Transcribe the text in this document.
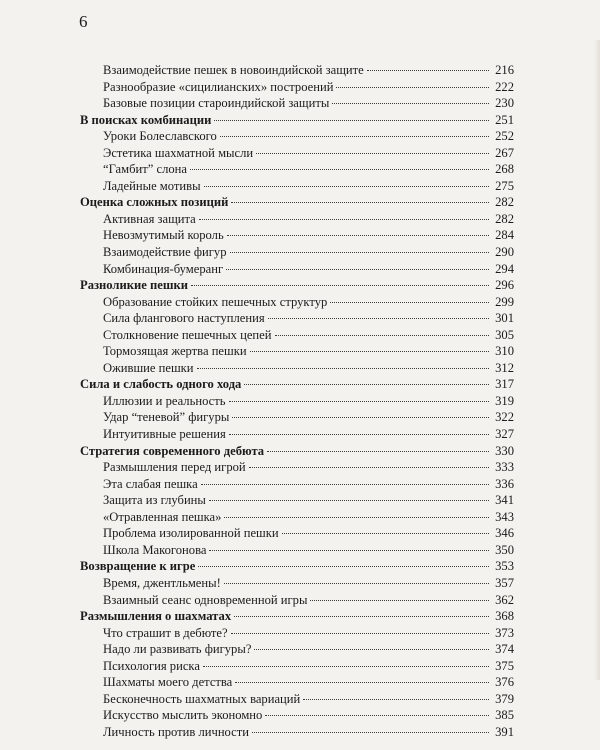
6
Взаимодействие пешек в новоиндийской защите	216
Разнообразие «сицилианских» построений	222
Базовые позиции староиндийской защиты	230
В поисках комбинации	251
Уроки Болеславского	252
Эстетика шахматной мысли	267
“Гамбит” слона	268
Ладейные мотивы	275
Оценка сложных позиций	282
Активная защита	282
Невозмутимый король	284
Взаимодействие фигур	290
Комбинация-бумеранг	294
Разноликие пешки	296
Образование стойких пешечных структур	299
Сила флангового наступления	301
Столкновение пешечных цепей	305
Тормозящая жертва пешки	310
Ожившие пешки	312
Сила и слабость одного хода	317
Иллюзии и реальность	319
Удар “теневой” фигуры	322
Интуитивные решения	327
Стратегия современного дебюта	330
Размышления перед игрой	333
Эта слабая пешка	336
Защита из глубины	341
«Отравленная пешка»	343
Проблема изолированной пешки	346
Школа Макогонова	350
Возвращение к игре	353
Время, джентльмены!	357
Взаимный сеанс одновременной игры	362
Размышления о шахматах	368
Что страшит в дебюте?	373
Надо ли развивать фигуры?	374
Психология риска	375
Шахматы моего детства	376
Бесконечность шахматных вариаций	379
Искусство мыслить экономно	385
Личность против личности	391
